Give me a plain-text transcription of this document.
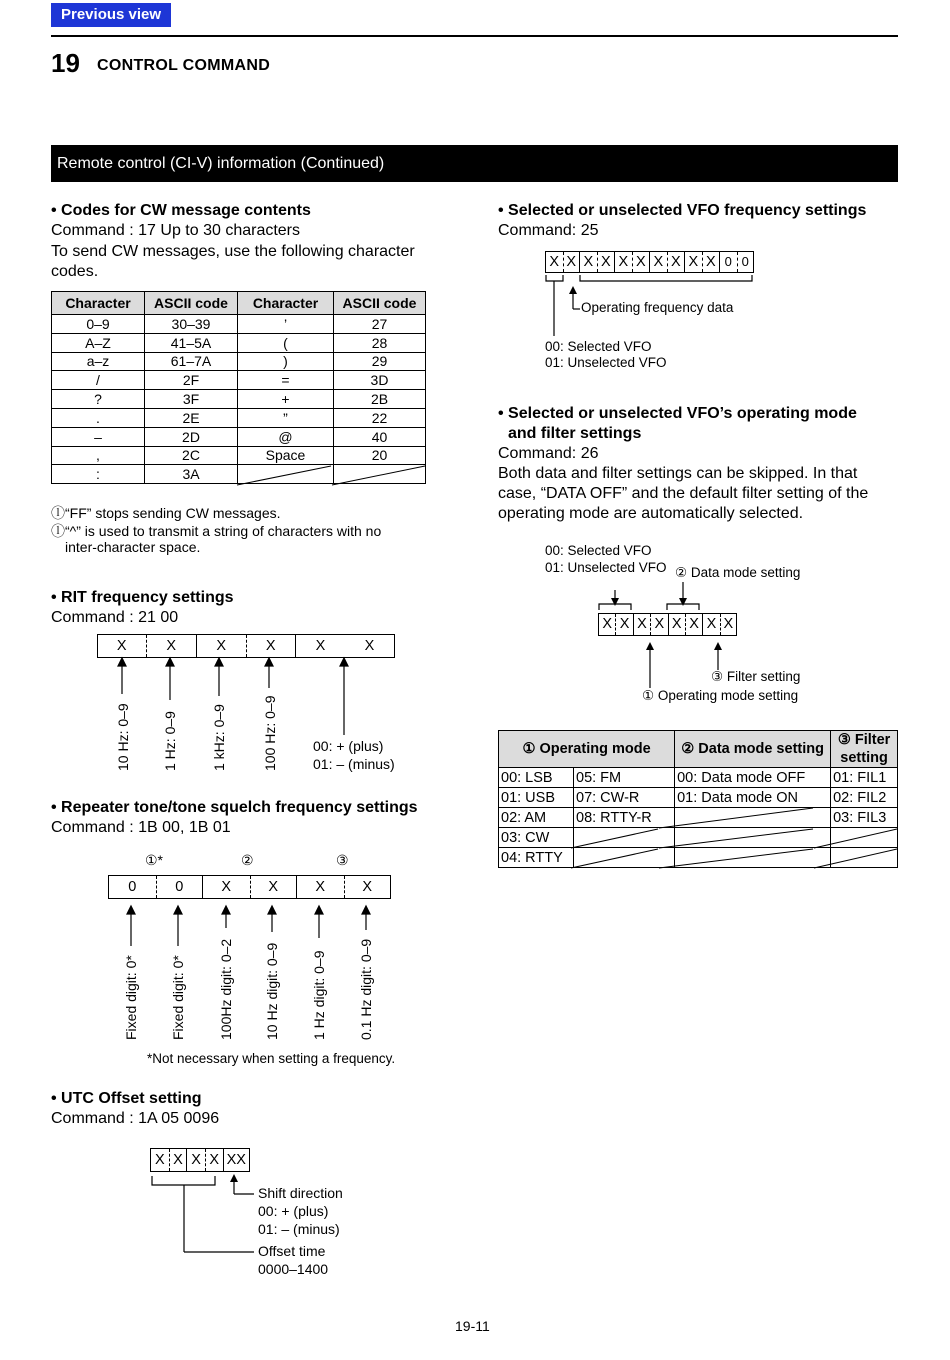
Previous view
19 CONTROL COMMAND
Remote control (CI-V) information (Continued)
• Codes for CW message contents
Command : 17 Up to 30 characters
To send CW messages, use the following character
codes.
Character	ASCII code	Character	ASCII code
0–9	30–39	’	27
A–Z	41–5A	(	28
a–z	61–7A	)	29
/	2F	=	3D
?	3F	+	2B
.	2E	”	22
–	2D	@	40
,	2C	Space	20
:	3A		
ⓛ“FF” stops sending CW messages.
ⓛ“^” is used to transmit a string of characters with no
inter-character space.
• RIT frequency settings
Command : 21 00
X	X	X	X	X	X
10 Hz: 0–9 1 Hz: 0–9 1 kHz: 0–9	100 Hz: 0–9	00: + (plus)
01: – (minus)
• Repeater tone/tone squelch frequency settings
Command : 1B 00, 1B 01
①*	②	③
0	0	X	X	X	X
Fixed digit: 0* Fixed digit: 0* 100Hz digit: 0–2 10 Hz digit: 0–9 1 Hz digit: 0–9 0.1 Hz digit: 0–9
*Not necessary when setting a frequency.
• UTC Offset setting
Command : 1A 05 0096
X X X X XX
Shift direction
00: + (plus)
01: – (minus)
Offset time
0000–1400
• Selected or unselected VFO frequency settings
Command: 25
X X X X X X X X X X 0 0
Operating frequency data
00: Selected VFO
01: Unselected VFO
• Selected or unselected VFO’s operating mode
and filter settings
Command: 26
Both data and filter settings can be skipped. In that
case, “DATA OFF” and the default filter setting of the
operating mode are automatically selected.
00: Selected VFO
01: Unselected VFO ② Data mode setting
X X X X X X X X
③ Filter setting
① Operating mode setting
① Operating mode		② Data mode setting	③ Filter
setting
00: LSB	05: FM	00: Data mode OFF	01: FIL1
01: USB	07: CW-R	01: Data mode ON	02: FIL2
02: AM	08: RTTY-R		03: FIL3
03: CW			
04: RTTY			
19-11
